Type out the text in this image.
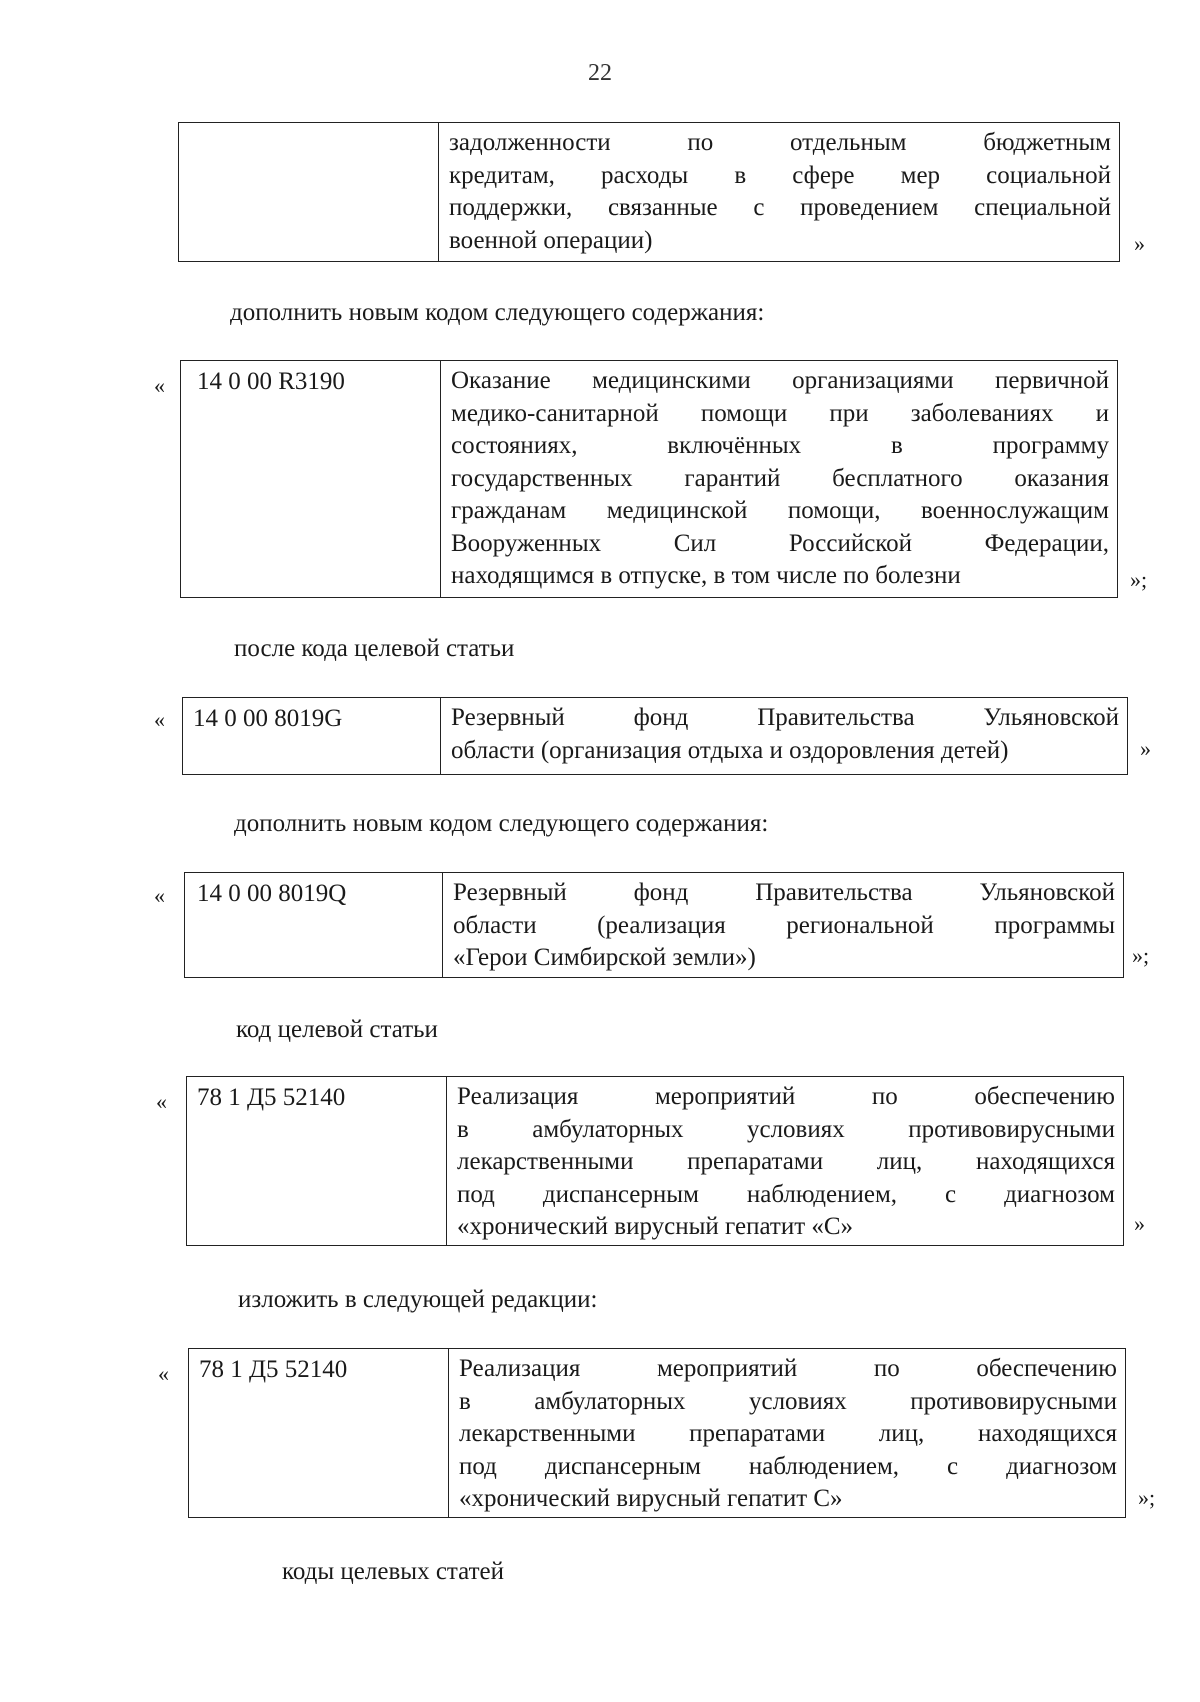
22
задолженности	по	отдельным	бюджетным
кредитам, расходы в сфере мер социальной
поддержки, связанные с проведением специальной
военной операции)	»
дополнить новым кодом следующего содержания:
«	14 0 00 R3190	Оказание медицинскими организациями первичной
медико-санитарной помощи при заболеваниях и
состояниях,	включённых	в	программу
государственных гарантий бесплатного оказания
гражданам медицинской помощи, военнослужащим
Вооруженных	Сил	Российской	Федерации,
находящимся в отпуске, в том числе по болезни	»;
после кода целевой статьи
«	14 0 00 8019G	Резервный	фонд	Правительства	Ульяновской
области (организация отдыха и оздоровления детей)	»
дополнить новым кодом следующего содержания:
«	14 0 00 8019Q	Резервный	фонд	Правительства	Ульяновской
области (реализация региональной программы
«Герои Симбирской земли»)	»;
код целевой статьи
«	78 1 Д5 52140	Реализация	мероприятий	по	обеспечению
в	амбулаторных	условиях	противовирусными
лекарственными препаратами лиц, находящихся
под диспансерным наблюдением, с диагнозом
«хронический вирусный гепатит «С»	»
изложить в следующей редакции:
«	78 1 Д5 52140	Реализация	мероприятий	по	обеспечению
в	амбулаторных	условиях	противовирусными
лекарственными препаратами лиц, находящихся
под диспансерным наблюдением, с диагнозом
«хронический вирусный гепатит С»	»;
коды целевых статей
